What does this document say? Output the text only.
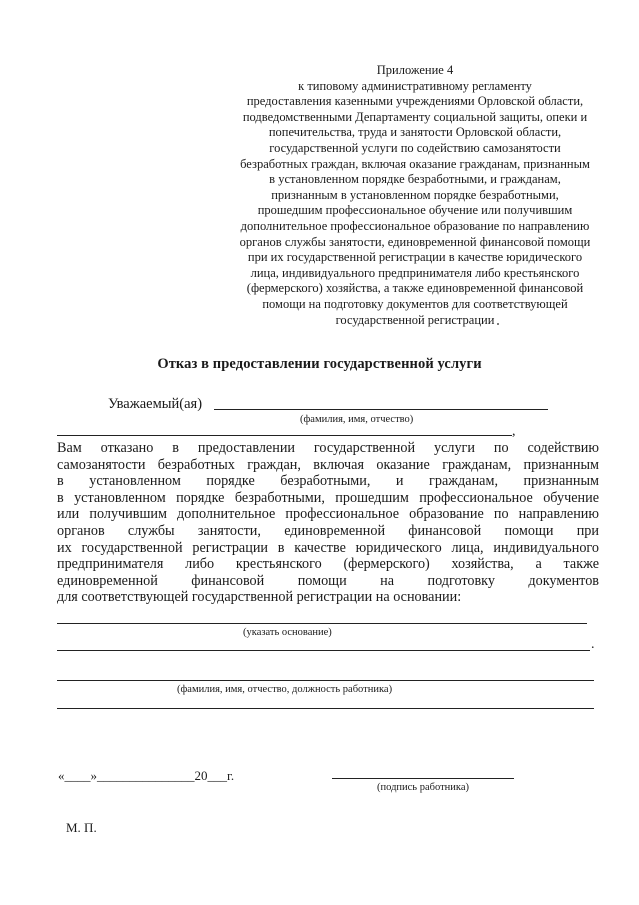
Приложение 4
к типовому административному регламенту
предоставления казенными учреждениями Орловской области,
подведомственными Департаменту социальной защиты, опеки и
попечительства, труда и занятости Орловской области,
государственной услуги по содействию самозанятости
безработных граждан, включая оказание гражданам, признанным
в установленном порядке безработными, и гражданам,
признанным в установленном порядке безработными,
прошедшим профессиональное обучение или получившим
дополнительное профессиональное образование по направлению
органов службы занятости, единовременной финансовой помощи
при их государственной регистрации в качестве юридического
лица, индивидуального предпринимателя либо крестьянского
(фермерского) хозяйства, а также единовременной финансовой
помощи на подготовку документов для соответствующей
государственной регистрации
Отказ в предоставлении государственной услуги
Уважаемый(ая)
(фамилия, имя, отчество)
,
Вам отказано в предоставлении государственной услуги по содействию
самозанятости безработных граждан, включая оказание гражданам, признанным
в установленном порядке безработными, и гражданам, признанным
в установленном порядке безработными, прошедшим профессиональное обучение
или получившим дополнительное профессиональное образование по направлению
органов службы занятости, единовременной финансовой помощи при
их государственной регистрации в качестве юридического лица, индивидуального
предпринимателя либо крестьянского (фермерского) хозяйства, а также
единовременной финансовой помощи на подготовку документов
для соответствующей государственной регистрации на основании:
(указать основание)
.
(фамилия, имя, отчество, должность работника)
«____»_______________20___г.
(подпись работника)
М. П.
